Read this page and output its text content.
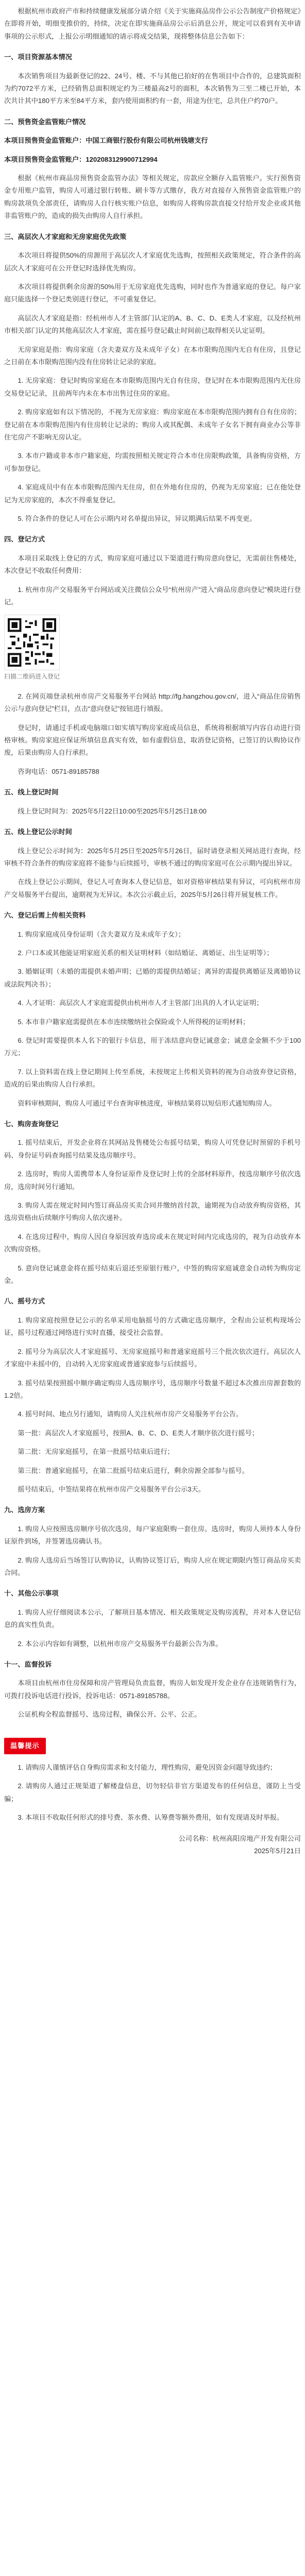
根据杭州市政府产市和持续健康发展部分请介绍《关于实施商品房作公示公告制度产价格规定》在即将开始，明细变推价的，持续，决定在即实施商品房公示后消息公开，规定可以看到有关申请事项的公示形式，上报公示明细通知的请示将成交结果，现将整体信息公告如下：

一、项目资源基本情况

本次销售项目为最新登记的22、24号、楼、不与其他已拍好的在售项目中合作的，总建筑面积为约7072平方米，已经销售总面积规定约为三楼最高2号的面积，本次销售为三至二楼已开始，本次共计其中180平方米至84平方米，套内使用面积约有一套，用途为住宅，总共住户约70户。

二、预售资金监管账户情况

本项目预售资金监管账户：中国工商银行股份有限公司杭州钱塘支行

本项目预售资金监管账户：1202083129900712994

根据《杭州市商品房预售资金监管办法》等相关规定，房款应全额存入监管账户。实行预售资金专用账户监管，购房人可通过银行转账、刷卡等方式缴存，我方对直接存入预售资金监管账户的购房款项负全部责任，请购房人自行核实账户信息，如购房人将购房款直接交付给开发企业或其他非监管账户的，造成的损失由购房人自行承担。

三、高层次人才家庭和无房家庭优先政策

本次项目将提供50%的房源用于高层次人才家庭优先选购，按照相关政策规定，符合条件的高层次人才家庭可在公开登记时选择优先购房。

本次项目将提供剩余房源的50%用于无房家庭优先选购，同时也作为普通家庭的登记。每户家庭只能选择一个登记类别进行登记，不可重复登记。

高层次人才家庭是指：经杭州市人才主管部门认定的A、B、C、D、E类人才家庭，以及经杭州市相关部门认定的其他高层次人才家庭，需在摇号登记截止时间前已取得相关认定证明。

无房家庭是指：购房家庭（含夫妻双方及未成年子女）在本市限购范围内无自有住房，且登记之日前在本市限购范围内没有住房转让记录的家庭。

1. 无房家庭：登记时购房家庭在本市限购范围内无自有住房，登记时在本市限购范围内无住房交易登记记录，且前两年内未在本市出售过住房的家庭。

2. 购房家庭如有以下情况的，不视为无房家庭：购房家庭在本市限购范围内拥有自有住房的；登记前在本市限购范围内有住房转让记录的；购房人或其配偶、未成年子女名下拥有商业办公等非住宅房产不影响无房认定。

3. 本市户籍或非本市户籍家庭，均需按照相关规定符合本市住房限购政策，具备购房资格，方可参加登记。

4. 家庭成员中有在本市限购范围内无住房，但在外地有住房的，仍视为无房家庭；已在他处登记为无房家庭的，本次不得重复登记。

5. 符合条件的登记人可在公示期内对名单提出异议，异议期满后结果不再变更。

四、登记方式

本项目采取线上登记的方式，购房家庭可通过以下渠道进行购房意向登记，无需前往售楼处，本次登记不收取任何费用：

1. 杭州市房产交易服务平台网站或关注微信公众号“杭州房产”进入“商品房意向登记”模块进行登记。

扫描二维码进入登记

2. 在网页端登录杭州市房产交易服务平台网站 http://fg.hangzhou.gov.cn/，进入“商品住房销售公示与意向登记”栏目，点击“意向登记”按钮进行填报。

登记时，请通过手机或电脑端口如实填写购房家庭成员信息，系统将根据填写内容自动进行资格审核。购房家庭应保证所填信息真实有效，如有虚假信息，取消登记资格，已签订的认购协议作废，后果由购房人自行承担。

咨询电话：0571-89185788

五、线上登记时间

线上登记时间为：2025年5月22日10:00至2025年5月25日18:00

五、线上登记公示时间

线上登记公示时间为：2025年5月25日至2025年5月26日，届时请登录相关网站进行查询，经审核不符合条件的购房家庭将不能参与后续摇号，审核不通过的购房家庭可在公示期内提出异议。

在线上登记公示期间，登记人可查询本人登记信息，如对资格审核结果有异议，可向杭州市房产交易服务平台提出，逾期视为无异议。本次公示截止后，2025年5月26日将开展复核工作。

六、登记后需上传相关资料

1. 购房家庭成员身份证明（含夫妻双方及未成年子女）；

2. 户口本或其他能证明家庭关系的相关证明材料（如结婚证、离婚证、出生证明等）；

3. 婚姻证明（未婚的需提供未婚声明；已婚的需提供结婚证；离异的需提供离婚证及离婚协议或法院判决书）；

4. 人才证明：高层次人才家庭需提供由杭州市人才主管部门出具的人才认定证明；

5. 本市非户籍家庭需提供在本市连续缴纳社会保险或个人所得税的证明材料；

6. 登记时需要提供本人名下的银行卡信息，用于冻结意向登记诚意金；诚意金金额不少于100万元；

7. 以上资料需在线上登记期间上传至系统，未按规定上传相关资料的视为自动放弃登记资格，造成的后果由购房人自行承担。

资料审核期间，购房人可通过平台查询审核进度，审核结果将以短信形式通知购房人。

七、购房查询登记

1. 摇号结束后，开发企业将在其网站及售楼处公布摇号结果，购房人可凭登记时预留的手机号码、身份证号码查询摇号结果及选房顺序号。

2. 选房时，购房人需携带本人身份证原件及登记时上传的全部材料原件，按选房顺序号依次选房，选房时间另行通知。

3. 购房人需在规定时间内签订商品房买卖合同并缴纳首付款，逾期视为自动放弃购房资格，其选房资格由后续顺序号购房人依次递补。

4. 在选房过程中，购房人因自身原因放弃选房或未在规定时间内完成选房的，视为自动放弃本次购房资格。

5. 意向登记诚意金将在摇号结束后退还至原银行账户，中签的购房家庭诚意金自动转为购房定金。

八、摇号方式

1. 购房家庭按照登记公示的名单采用电脑摇号的方式确定选房顺序，全程由公证机构现场公证，摇号过程通过网络进行实时直播，接受社会监督。

2. 摇号分为高层次人才家庭摇号、无房家庭摇号和普通家庭摇号三个批次依次进行。高层次人才家庭中未摇中的，自动转入无房家庭或普通家庭参与后续摇号。

3. 摇号结果按照摇中顺序确定购房人选房顺序号，选房顺序号数量不超过本次推出房源套数的1.2倍。

4. 摇号时间、地点另行通知，请购房人关注杭州市房产交易服务平台公告。

第一批：高层次人才家庭摇号，按照A、B、C、D、E类人才顺序依次进行摇号；

第二批：无房家庭摇号，在第一批摇号结束后进行；

第三批：普通家庭摇号，在第二批摇号结束后进行，剩余房源全部参与摇号。

摇号结束后，中签结果将在杭州市房产交易服务平台公示3天。

九、选房方案

1. 购房人应按照选房顺序号依次选房，每户家庭限购一套住房。选房时，购房人须持本人身份证原件到场，并签署选房确认书。

2. 购房人选房后当场签订认购协议，认购协议签订后，购房人应在规定期限内签订商品房买卖合同。

十、其他公示事项

1. 购房人应仔细阅读本公示，了解项目基本情况、相关政策规定及购房流程，并对本人登记信息的真实性负责。

2. 本公示内容如有调整，以杭州市房产交易服务平台最新公告为准。

十一、监督投诉

本项目由杭州市住房保障和房产管理局负责监督，购房人如发现开发企业存在违规销售行为，可拨打投诉电话进行投诉，投诉电话：0571-89185788。

公证机构全程监督摇号、选房过程，确保公开、公平、公正。

温馨提示

1. 请购房人谨慎评估自身购房需求和支付能力，理性购房，避免因资金问题导致违约；

2. 请购房人通过正规渠道了解楼盘信息，切勿轻信非官方渠道发布的任何信息，谨防上当受骗；

3. 本项目不收取任何形式的排号费、茶水费、认筹费等额外费用，如有发现请及时举报。

公司名称：杭州高阳房地产开发有限公司
2025年5月21日
